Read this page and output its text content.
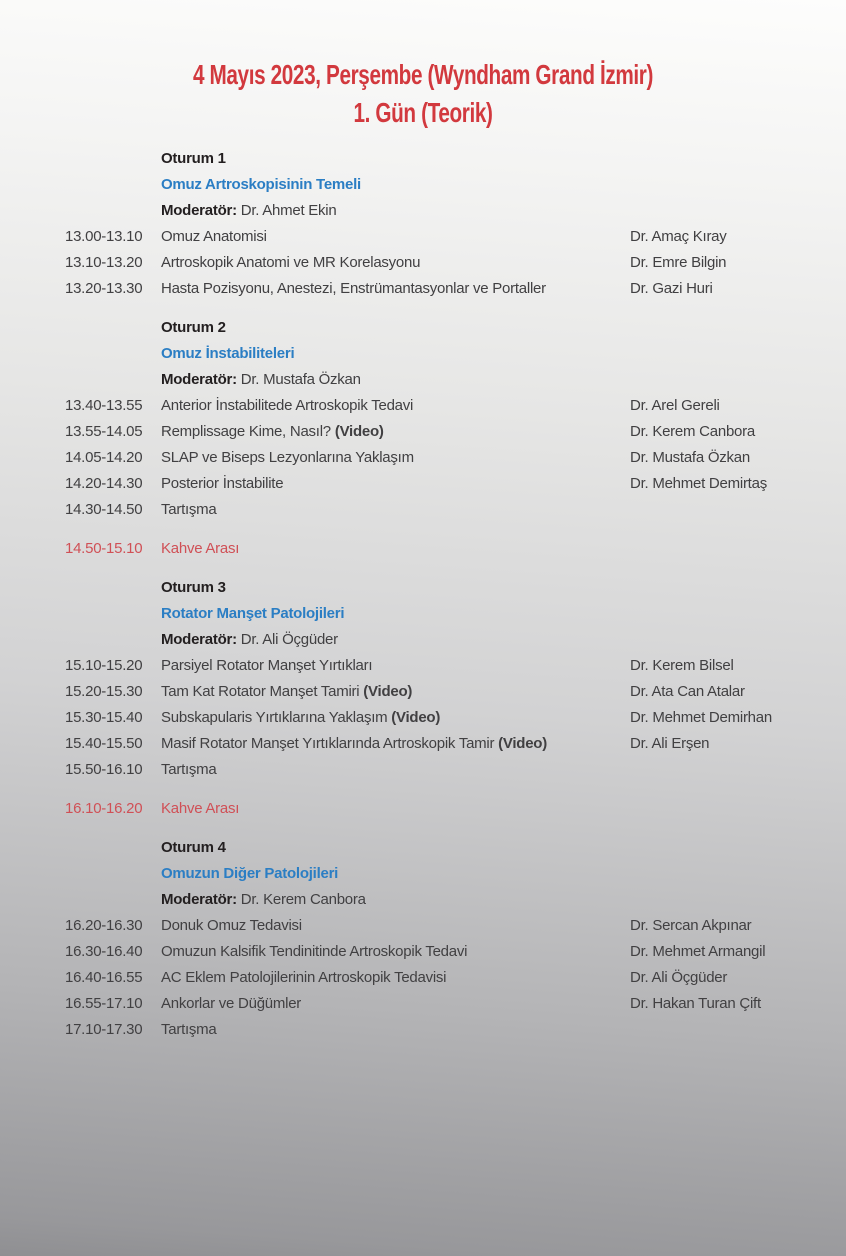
4 Mayıs 2023, Perşembe (Wyndham Grand İzmir)
1. Gün (Teorik)
Oturum 1
Omuz Artroskopisinin Temeli

Moderatör: Dr. Ahmet Ekin

13.00-13.10	Omuz Anatomisi	Dr. Amaç Kıray
13.10-13.20	Artroskopik Anatomi ve MR Korelasyonu	Dr. Emre Bilgin
13.20-13.30	Hasta Pozisyonu, Anestezi, Enstrümantasyonlar ve Portaller	Dr. Gazi Huri
Oturum 2
Omuz İnstabiliteleri

Moderatör: Dr. Mustafa Özkan

13.40-13.55	Anterior İnstabilitede Artroskopik Tedavi	Dr. Arel Gereli
13.55-14.05	Remplissage Kime, Nasıl? (Video)	Dr. Kerem Canbora
14.05-14.20	SLAP ve Biseps Lezyonlarına Yaklaşım	Dr. Mustafa Özkan
14.20-14.30	Posterior İnstabilite	Dr. Mehmet Demirtaş
14.30-14.50	Tartışma
14.50-15.10	Kahve Arası
Oturum 3
Rotator Manşet Patolojileri

Moderatör: Dr. Ali Öçgüder

15.10-15.20	Parsiyel Rotator Manşet Yırtıkları	Dr. Kerem Bilsel
15.20-15.30	Tam Kat Rotator Manşet Tamiri (Video)	Dr. Ata Can Atalar
15.30-15.40	Subskapularis Yırtıklarına Yaklaşım (Video)	Dr. Mehmet Demirhan
15.40-15.50	Masif Rotator Manşet Yırtıklarında Artroskopik Tamir (Video)	Dr. Ali Erşen
15.50-16.10	Tartışma
16.10-16.20	Kahve Arası
Oturum 4
Omuzun Diğer Patolojileri

Moderatör: Dr. Kerem Canbora

16.20-16.30	Donuk Omuz Tedavisi	Dr. Sercan Akpınar
16.30-16.40	Omuzun Kalsifik Tendinitinde Artroskopik Tedavi	Dr. Mehmet Armangil
16.40-16.55	AC Eklem Patolojilerinin Artroskopik Tedavisi	Dr. Ali Öçgüder
16.55-17.10	Ankorlar ve Düğümler	Dr. Hakan Turan Çift
17.10-17.30	Tartışma
